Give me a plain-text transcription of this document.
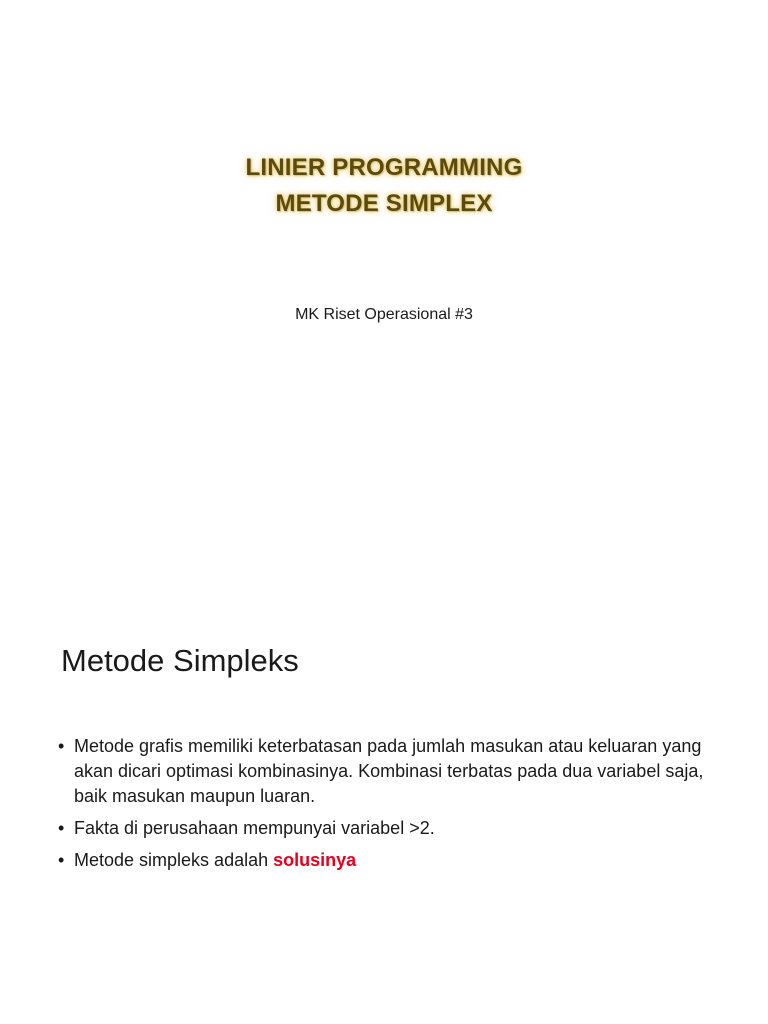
LINIER PROGRAMMING
METODE SIMPLEX
MK Riset Operasional #3
Metode Simpleks
• Metode grafis memiliki keterbatasan pada jumlah masukan atau keluaran yang akan dicari optimasi kombinasinya. Kombinasi terbatas pada dua variabel saja, baik masukan maupun luaran.
• Fakta di perusahaan mempunyai variabel >2.
• Metode simpleks adalah solusinya
